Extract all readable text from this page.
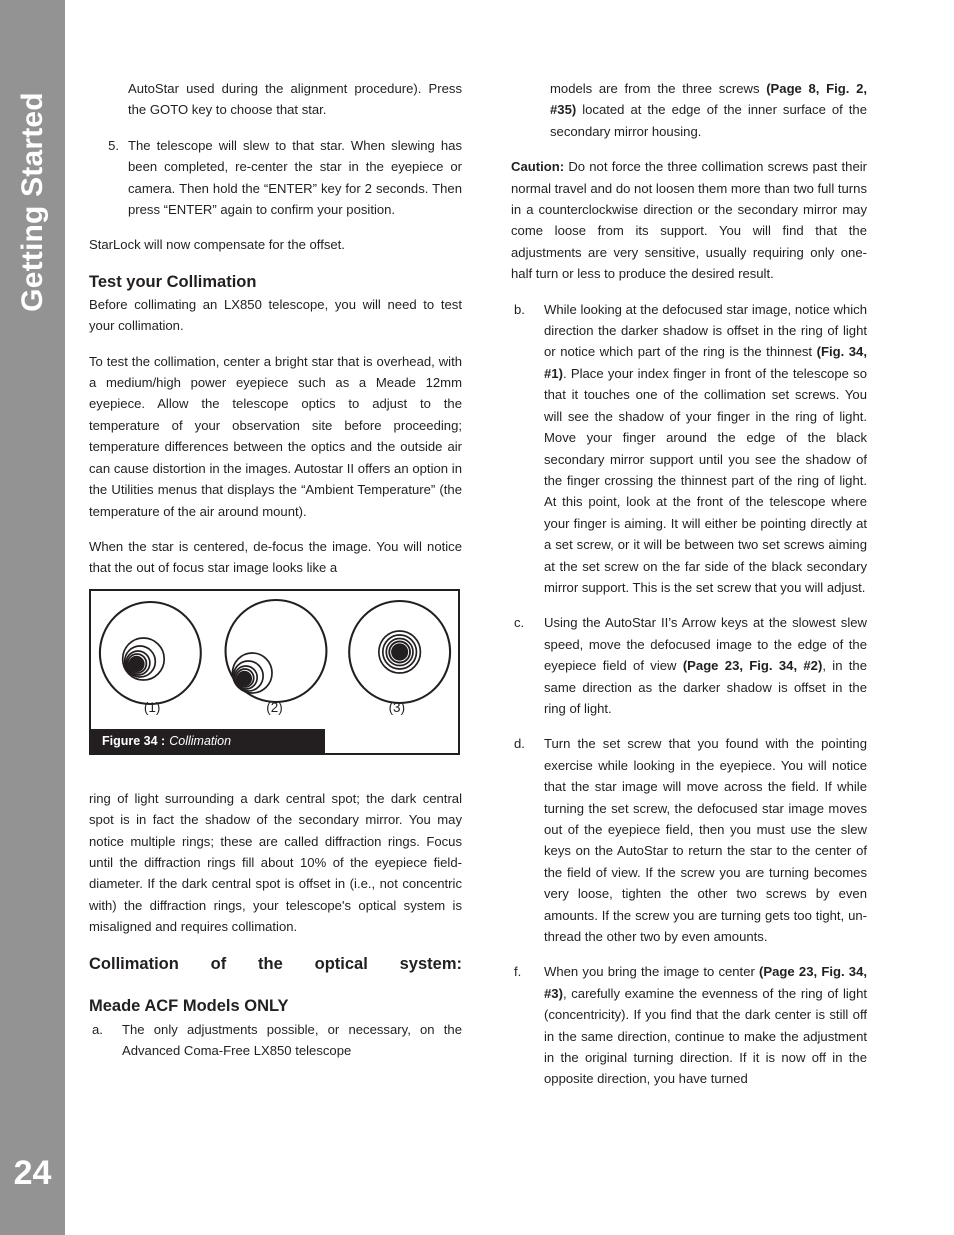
Getting Started
24
AutoStar used during the alignment procedure). Press the GOTO key to choose that star.
5. The telescope will slew to that star. When slewing has been completed, re-center the star in the eyepiece or camera. Then hold the “ENTER” key for 2 seconds. Then press “ENTER” again to confirm your position.

StarLock will now compensate for the offset.

Test your Collimation

Before collimating an LX850 telescope, you will need to test your collimation.

To test the collimation, center a bright star that is overhead, with a medium/high power eyepiece such as a Meade 12mm eyepiece. Allow the telescope optics to adjust to the temperature of your observation site before proceeding; temperature differences between the optics and the outside air can cause distortion in the images. Autostar II offers an option in the Utilities menus that displays the “Ambient Temperature” (the temperature of the air around mount).

When the star is centered, de-focus the image. You will notice that the out of focus star image looks like a

(1)	(2)	(3)
Figure 34 : Collimation

ring of light surrounding a dark central spot; the dark central spot is in fact the shadow of the secondary mirror. You may notice multiple rings; these are called diffraction rings. Focus until the diffraction rings fill about 10% of the eyepiece field-diameter. If the dark central spot is offset in (i.e., not concentric with) the diffraction rings, your telescope's optical system is misaligned and requires collimation.

Collimation of the optical system:
Meade ACF Models ONLY
a. The only adjustments possible, or necessary, on the Advanced Coma-Free LX850 telescope
models are from the three screws (Page 8, Fig. 2, #35) located at the edge of the inner surface of the secondary mirror housing.

Caution: Do not force the three collimation screws past their normal travel and do not loosen them more than two full turns in a counterclockwise direction or the secondary mirror may come loose from its support. You will find that the adjustments are very sensitive, usually requiring only one-half turn or less to produce the desired result.

b. While looking at the defocused star image, notice which direction the darker shadow is offset in the ring of light or notice which part of the ring is the thinnest (Fig. 34, #1). Place your index finger in front of the telescope so that it touches one of the collimation set screws. You will see the shadow of your finger in the ring of light. Move your finger around the edge of the black secondary mirror support until you see the shadow of the finger crossing the thinnest part of the ring of light. At this point, look at the front of the telescope where your finger is aiming. It will either be pointing directly at a set screw, or it will be between two set screws aiming at the set screw on the far side of the black secondary mirror support. This is the set screw that you will adjust.
c. Using the AutoStar II’s Arrow keys at the slowest slew speed, move the defocused image to the edge of the eyepiece field of view (Page 23, Fig. 34, #2), in the same direction as the darker shadow is offset in the ring of light.
d. Turn the set screw that you found with the pointing exercise while looking in the eyepiece. You will notice that the star image will move across the field. If while turning the set screw, the defocused star image moves out of the eyepiece field, then you must use the slew keys on the AutoStar to return the star to the center of the field of view. If the screw you are turning becomes very loose, tighten the other two screws by even amounts. If the screw you are turning gets too tight, un-thread the other two by even amounts.
f.	When you bring the image to center (Page 23, Fig. 34, #3), carefully examine the evenness of the ring of light (concentricity). If you find that the dark center is still off in the same direction, continue to make the adjustment in the original turning direction. If it is now off in the opposite direction, you have turned
